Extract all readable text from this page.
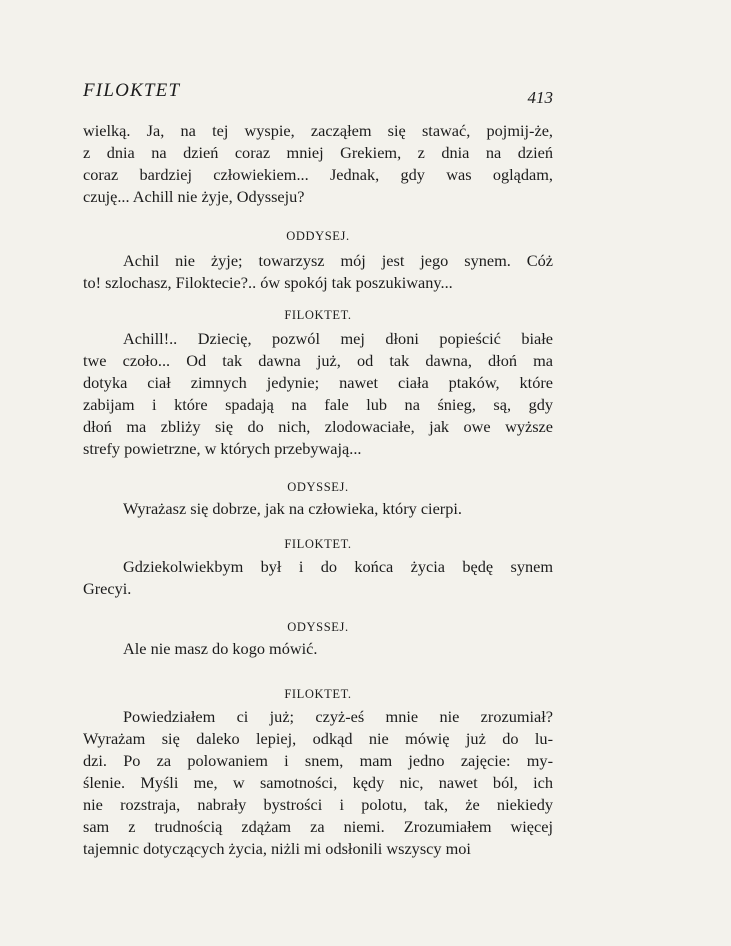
FILOKTET	413
wielką. Ja, na tej wyspie, zacząłem się stawać, pojmij-że,
z dnia na dzień coraz mniej Grekiem, z dnia na dzień
coraz bardziej człowiekiem... Jednak, gdy was oglądam,
czuję... Achill nie żyje, Odysseju?

ODDYSEJ.

Achil nie żyje; towarzysz mój jest jego synem. Cóż
to! szlochasz, Filoktecie?.. ów spokój tak poszukiwany...

FILOKTET.

Achill!.. Dziecię, pozwól mej dłoni popieścić białe
twe czoło... Od tak dawna już, od tak dawna, dłoń ma
dotyka ciał zimnych jedynie; nawet ciała ptaków, które
zabijam i które spadają na fale lub na śnieg, są, gdy
dłoń ma zbliży się do nich, zlodowaciałe, jak owe wyższe
strefy powietrzne, w których przebywają...

ODYSSEJ.

Wyrażasz się dobrze, jak na człowieka, który cierpi.

FILOKTET.

Gdziekolwiekbym był i do końca życia będę synem
Grecyi.

ODYSSEJ.

Ale nie masz do kogo mówić.

FILOKTET.

Powiedziałem ci już; czyż-eś mnie nie zrozumiał?
Wyrażam się daleko lepiej, odkąd nie mówię już do lu-
dzi. Po za polowaniem i snem, mam jedno zajęcie: my-
ślenie. Myśli me, w samotności, kędy nic, nawet ból, ich
nie rozstraja, nabrały bystrości i polotu, tak, że niekiedy
sam z trudnością zdążam za niemi. Zrozumiałem więcej
tajemnic dotyczących życia, niżli mi odsłonili wszyscy moi
